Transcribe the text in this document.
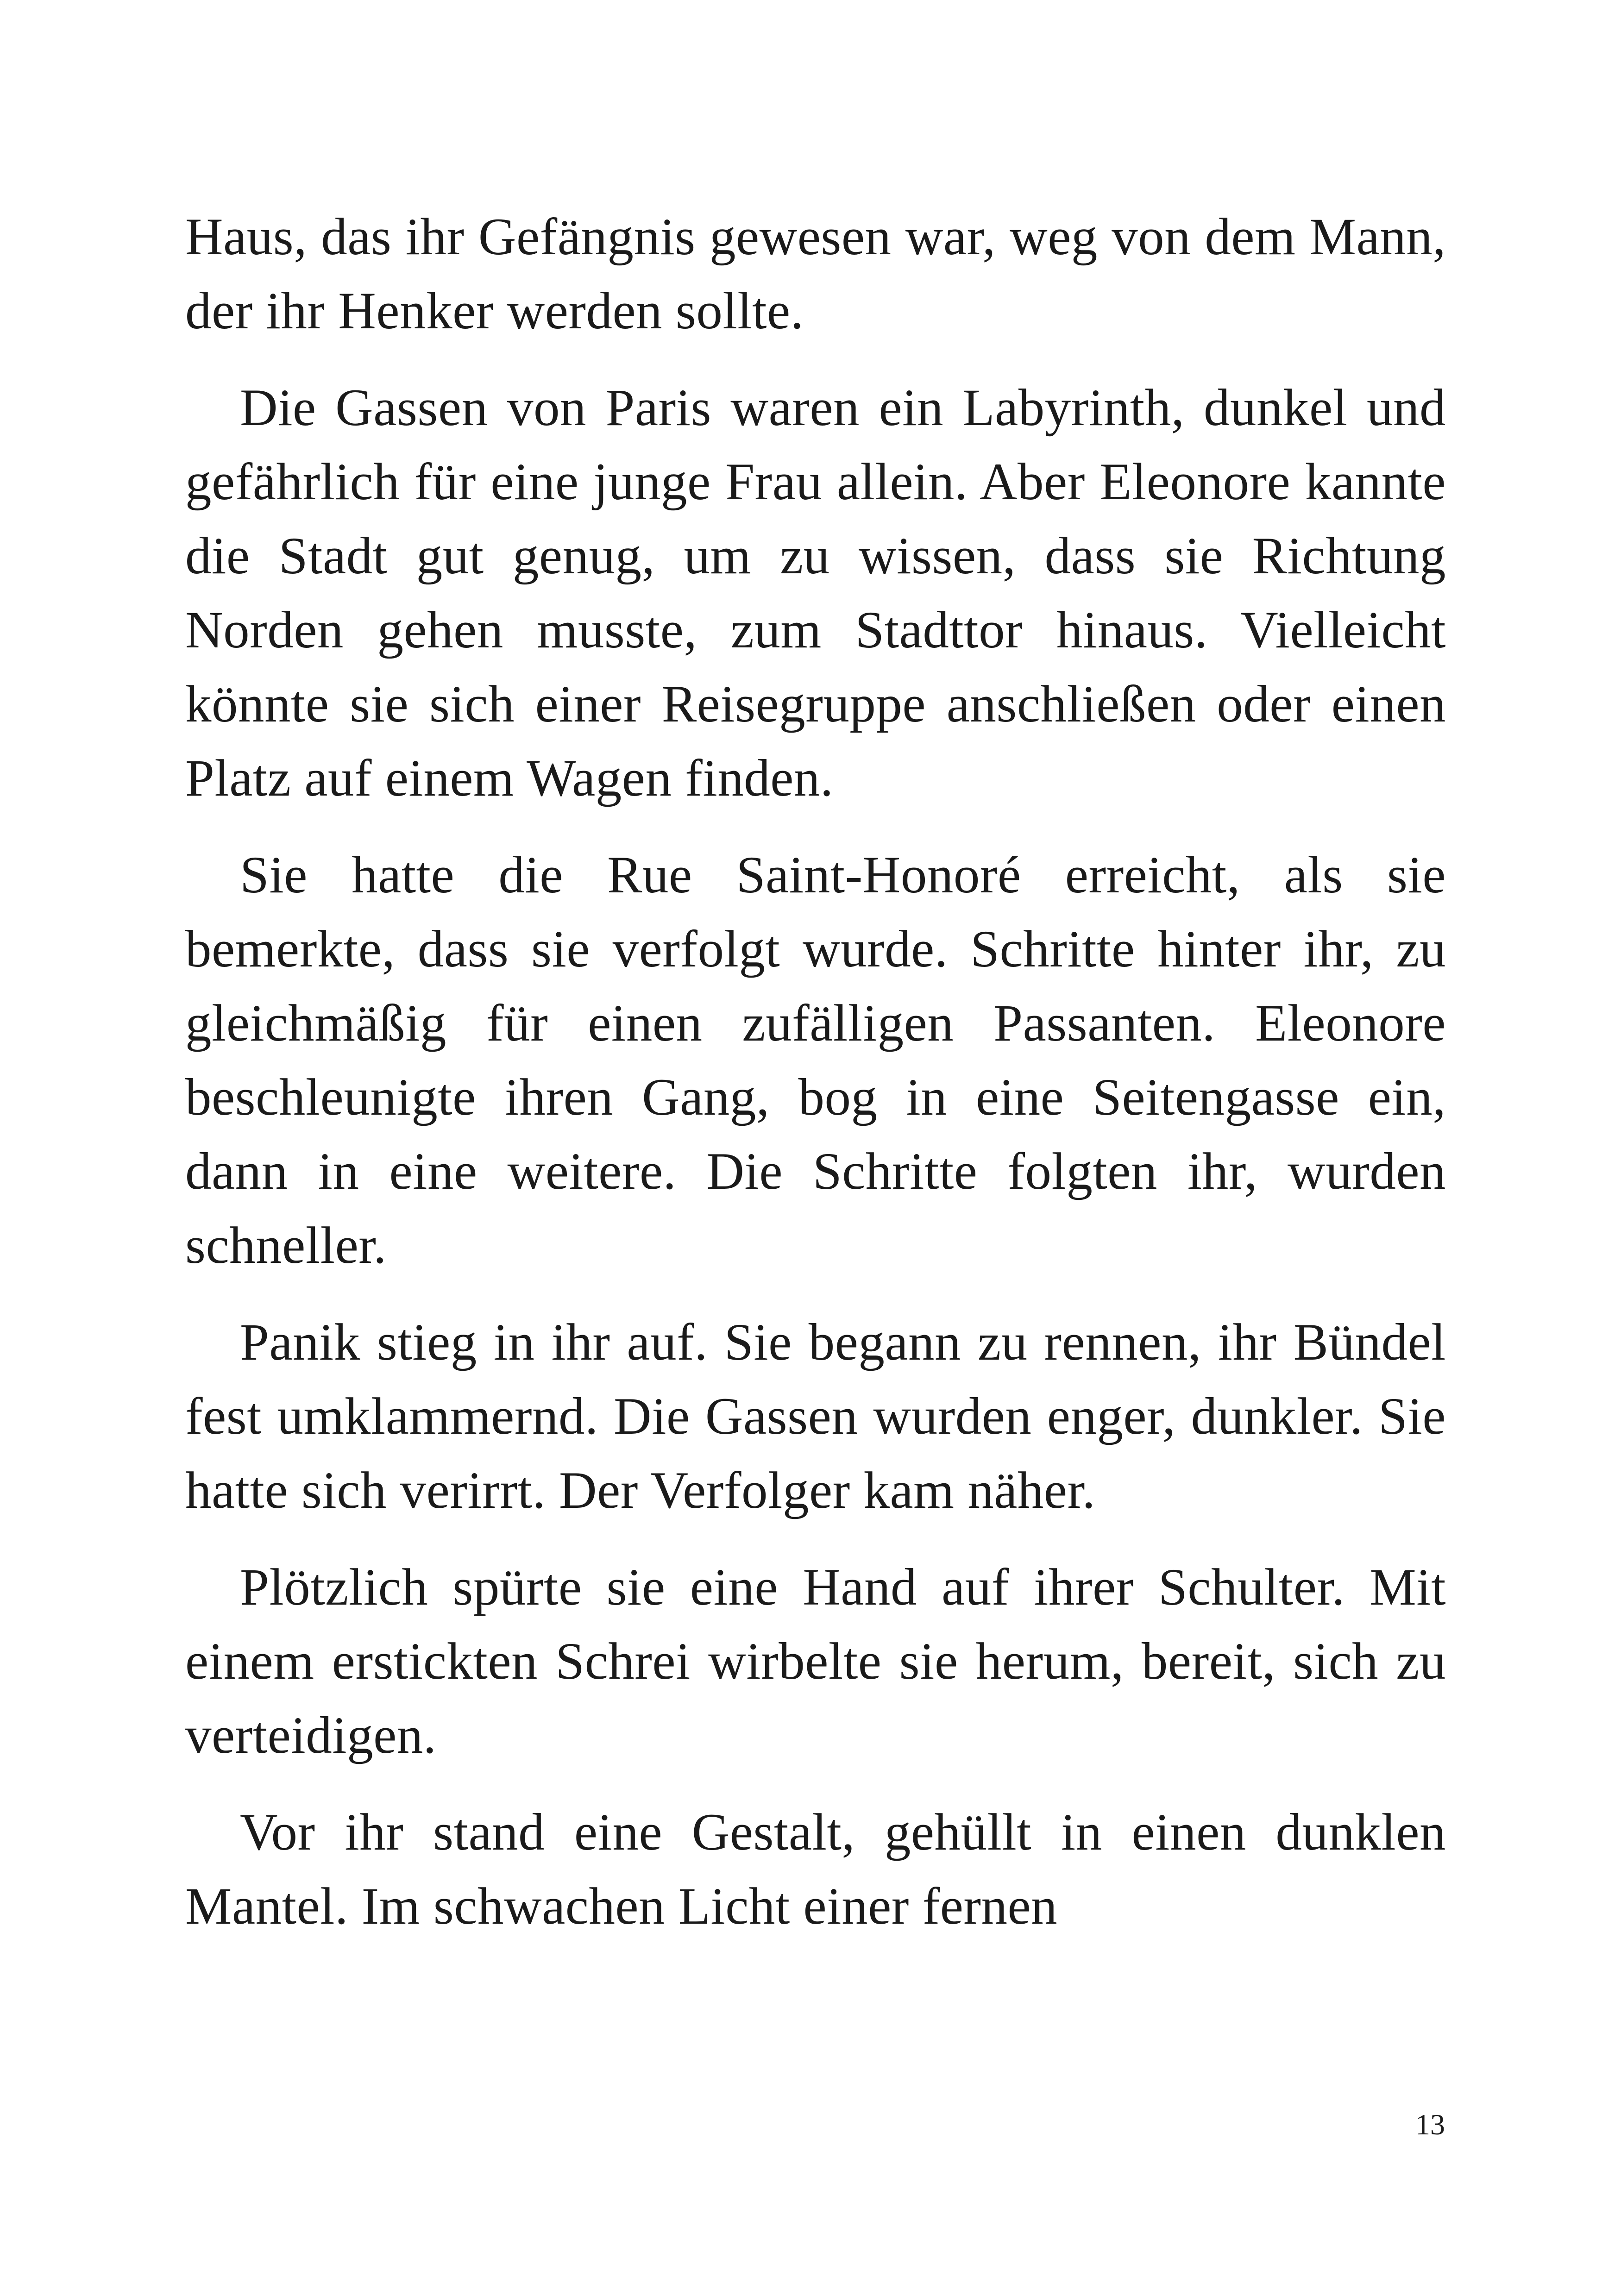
Haus, das ihr Gefängnis gewesen war, weg von dem Mann, der ihr Henker werden sollte.

Die Gassen von Paris waren ein Labyrinth, dunkel und gefährlich für eine junge Frau allein. Aber Eleonore kannte die Stadt gut genug, um zu wissen, dass sie Richtung Norden gehen musste, zum Stadttor hinaus. Vielleicht könnte sie sich einer Reisegruppe anschließen oder einen Platz auf einem Wagen finden.

Sie hatte die Rue Saint-Honoré erreicht, als sie bemerkte, dass sie verfolgt wurde. Schritte hinter ihr, zu gleichmäßig für einen zufälligen Passanten. Eleonore beschleunigte ihren Gang, bog in eine Seitengasse ein, dann in eine weitere. Die Schritte folgten ihr, wurden schneller.

Panik stieg in ihr auf. Sie begann zu rennen, ihr Bündel fest umklammernd. Die Gassen wurden enger, dunkler. Sie hatte sich verirrt. Der Verfolger kam näher.

Plötzlich spürte sie eine Hand auf ihrer Schulter. Mit einem erstickten Schrei wirbelte sie herum, bereit, sich zu verteidigen.

Vor ihr stand eine Gestalt, gehüllt in einen dunklen Mantel. Im schwachen Licht einer fernen

13
